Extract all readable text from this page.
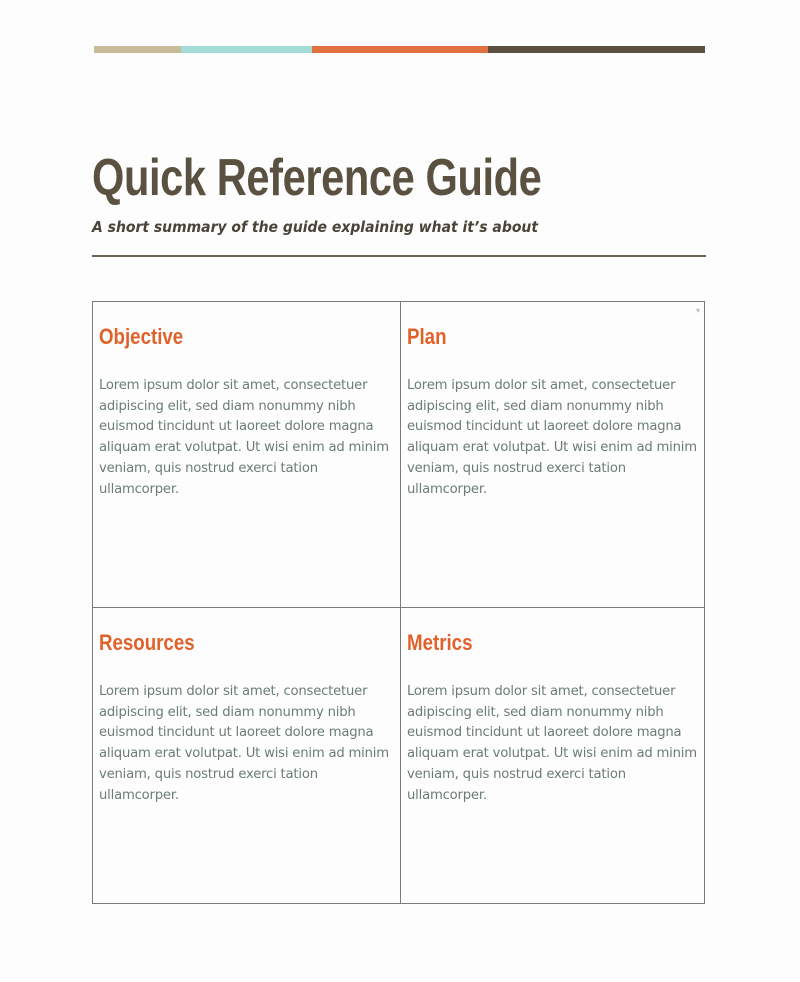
Quick Reference Guide
A short summary of the guide explaining what it’s about
Objective

Lorem ipsum dolor sit amet, consectetuer adipiscing elit, sed diam nonummy nibh euismod tincidunt ut laoreet dolore magna aliquam erat volutpat. Ut wisi enim ad minim veniam, quis nostrud exerci tation ullamcorper.

▾
Plan

Lorem ipsum dolor sit amet, consectetuer adipiscing elit, sed diam nonummy nibh euismod tincidunt ut laoreet dolore magna aliquam erat volutpat. Ut wisi enim ad minim veniam, quis nostrud exerci tation ullamcorper.

Resources

Lorem ipsum dolor sit amet, consectetuer adipiscing elit, sed diam nonummy nibh euismod tincidunt ut laoreet dolore magna aliquam erat volutpat. Ut wisi enim ad minim veniam, quis nostrud exerci tation ullamcorper.

Metrics

Lorem ipsum dolor sit amet, consectetuer adipiscing elit, sed diam nonummy nibh euismod tincidunt ut laoreet dolore magna aliquam erat volutpat. Ut wisi enim ad minim veniam, quis nostrud exerci tation ullamcorper.
